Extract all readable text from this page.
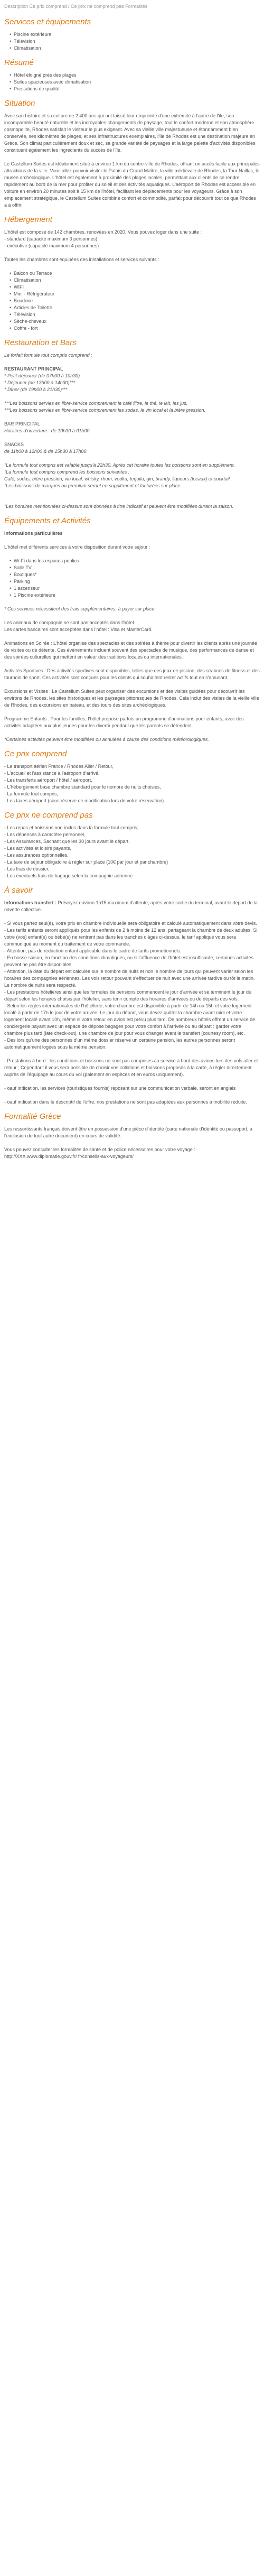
Description Ce prix comprend / Ce prix ne comprend pas Formalités
Services et équipements
• Piscine extérieure
• Télévision
• Climatisation
Résumé
• Hôtel éloigné près des plages
• Suites spacieuses avec climatisation
• Prestations de qualité
Situation

Avec son histoire et sa culture de 2.400 ans qui ont laissé leur empreinte d'une extrémité à l'autre de l'île, son incomparable beauté naturelle et les incroyables changements de paysage, tout le confort moderne et son atmosphère cosmopolite, Rhodes satisfait le visiteur le plus exigeant. Avec sa vieille ville majestueuse et étonnamment bien conservée, ses kilomètres de plages, et ses infrastructures exemplaires, l'île de Rhodes est une destination majeure en Grèce. Son climat particulièrement doux et sec, sa grande variété de paysages et la large palette d'activités disponibles constituent également les ingrédients du succès de l'île.

Le Castellum Suites est idéalement situé à environ 1 km du centre-ville de Rhodes, offrant un accès facile aux principales attractions de la ville. Vous allez pouvoir visiter le Palais du Grand Maître, la ville médiévale de Rhodes, la Tour Naillac, le musée archéologique. L'hôtel est également à proximité des plages locales, permettant aux clients de se rendre rapidement au bord de la mer pour profiter du soleil et des activités aquatiques. L'aéroport de Rhodes est accessible en voiture en environ 20 minutes soit à 15 km de l'hôtel, facilitant les déplacements pour les voyageurs. Grâce à son emplacement stratégique, le Castellum Suites combine confort et commodité, parfait pour découvrir tout ce que Rhodes a à offrir.

Hébergement

L'hôtel est composé de 142 chambres, rénovées en 2020. Vous pouvez loger dans une suite :

- standard (capacité maximum 3 personnes)

- exécutive (capacité maximum 4 personnes)

Toutes les chambres sont équipées des installations et services suivants :

• Balcon ou Terrace
• Climatisation
• WIFI
• Mini - Réfrigérateur
• Boudoire
• Articles de Toilette
• Télévision
• Sèche-cheveux
• Coffre - fort
Restauration et Bars

Le forfait formule tout compris comprend :

RESTAURANT PRINCIPAL

* Petit-déjeuner (de 07h00 à 10h30)

* Déjeuner (de 13h00 à 14h30)***

* Dîner (de 19h00 à 21h30)***

***Les boissons servies en libre-service comprennent le café filtre, le thé, le lait, les jus.
***Les boissons servies en libre-service comprennent les sodas, le vin local et la bière pression.

BAR PRINCIPAL

Horaires d'ouverture : de 10h30 à 01h00

SNACKS

de 11h00 à 12h00 & de 15h30 à 17h00

"La formule tout compris est valable jusqu'à 22h30. Après cet horaire toutes les boissons sont en supplément.

"La formule tout compris comprend les boissons suivantes :

Café, sodas, bière pression, vin local, whisky, rhum, vodka, tequila, gin, brandy, liqueurs (locaux) et cocktail.

"Les boissons de marques ou premium seront en supplément et facturées sur place.

"Les horaires mentionnées ci-dessus sont données à titre indicatif et peuvent être modifiées durant la saison.

Équipements et Activités

Informations particulières

L'hôtel met différents services à votre disposition durant votre séjour :

• Wi-Fi dans les espaces publics
• Salle TV
• Boutiques*
• Parking
• 1 ascenseur
• 1 Piscine extérieure

* Ces services nécessitent des frais supplémentaires, à payer sur place.

Les animaux de compagnie ne sont pas acceptés dans l'hôtel.

Les cartes bancaires sont acceptées dans l'hôtel : Visa et MasterCard.

Animations en Soirée : L'hôtel organise des spectacles et des soirées à thème pour divertir les clients après une journée de visites ou de détente. Ces événements incluent souvent des spectacles de musique, des performances de danse et des soirées culturelles qui mettent en valeur des traditions locales ou internationales.

Activités Sportives : Des activités sportives sont disponibles, telles que des jeux de piscine, des séances de fitness et des tournois de sport. Ces activités sont conçues pour les clients qui souhaitent rester actifs tout en s'amusant.

Excursions et Visites : Le Castellum Suites peut organiser des excursions et des visites guidées pour découvrir les environs de Rhodes, les sites historiques et les paysages pittoresques de Rhodes. Cela inclut des visites de la vieille ville de Rhodes, des excursions en bateau, et des tours des sites archéologiques.

Programme Enfants : Pour les familles, l'hôtel propose parfois un programme d'animations pour enfants, avec des activités adaptées aux plus jeunes pour les divertir pendant que les parents se détendent.

*Certaines activités peuvent être modifiées ou annulées à cause des conditions météorologiques.

Ce prix comprend

- Le transport aérien France / Rhodes Aller / Retour,

- L'accueil et l'assistance à l'aéroport d'arrivé,

- Les transferts aéroport / hôtel / aéroport,

- L'hébergement base chambre standard pour le nombre de nuits choisies,

- La formule tout compris,

- Les taxes aéroport (sous réserve de modification lors de votre réservation)

Ce prix ne comprend pas

- Les repas et boissons non inclus dans la formule tout compris,

- Les dépenses à caractère personnel,

- Les Assurances, Sachant que les 30 jours avant le départ,

- Les activités et loisirs payants,

- Les assurances optionnelles,

- La taxe de séjour obligatoire à régler sur place (10€ par jour et par chambre)

- Les frais de dossier,

- Les éventuels frais de bagage selon la compagnie aérienne

À savoir

Informations transfert : Prévoyez environ 1h15 maximum d'attente, après votre sortie du terminal, avant le départ de la navette collective.

- Si vous partez seul(e), votre prix en chambre individuelle sera obligatoire et calculé automatiquement dans votre devis.

- Les tarifs enfants seront appliqués pour les enfants de 2 à moins de 12 ans, partageant la chambre de deux adultes. Si votre (vos) enfant(s) ou bébé(s) ne rentrent pas dans les tranches d'âges ci-dessus, le tarif appliqué vous sera communiqué au moment du traitement de votre commande.

- Attention, pas de réduction enfant applicable dans le cadre de tarifs promotionnels.

- En basse saison, en fonction des conditions climatiques, ou si l'affluence de l'hôtel est insuffisante, certaines activités peuvent ne pas être disponibles.

- Attention, la date du départ est calculée sur le nombre de nuits et non le nombre de jours qui peuvent varier selon les horaires des compagnies aériennes. Les vols retour pouvant s'effectuer de nuit avec une arrivée tardive ou tôt le matin. Le nombre de nuits sera respecté.

- Les prestations hôtelières ainsi que les formules de pensions commencent le jour d'arrivée et se terminent le jour du départ selon les horaires choisis par l'hôtelier, sans tenir compte des horaires d'arrivées ou de départs des vols.

- Selon les règles internationales de l'hôtellerie, votre chambre est disponible à partir de 14h ou 15h et votre logement localé à partir de 17h le jour de votre arrivée. Le jour du départ, vous devez quitter la chambre avant midi et votre logement localé avant 10h, même si votre retour en avion est prévu plus tard. De nombreux hôtels offrent un service de conciergerie payant avec un espace de dépose bagages pour votre confort à l'arrivée ou au départ : garder votre chambre plus tard (late check-out), une chambre de jour pour vous changer avant le transfert (courtesy room), etc.

- Des lors qu'une des personnes d'un même dossier réserve un certaine pension, les autres personnes seront automatiquement logées sous la même pension.

- Prestations à bord : les conditions et boissons ne sont pas comprises au service à bord des avions lors des vols aller et retour ; Cependant il vous sera possible de choisir vos collations et boissons proposés à la carte, à régler directement auprès de l'équipage au cours du vol (paiement en espèces et en euros uniquement).

- oauf indication, les services (touristiques fournis) reposant sur une communication verbale, seront en anglais

- oauf indication dans le descriptif de l'offre, nos prestations ne sont pas adaptées aux personnes à mobilité réduite.

Formalité Grèce

Les ressortissants français doivent être en possession d'une pièce d'identité (carte nationale d'identité ou passeport, à l'exclusion de tout autre document) en cours de validité.

Vous pouvez consulter les formalités de santé et de police nécessaires pour votre voyage : http://XXX.www.diplomatie.gouv.fr/ fr/conseils-aux-voyageurs/
